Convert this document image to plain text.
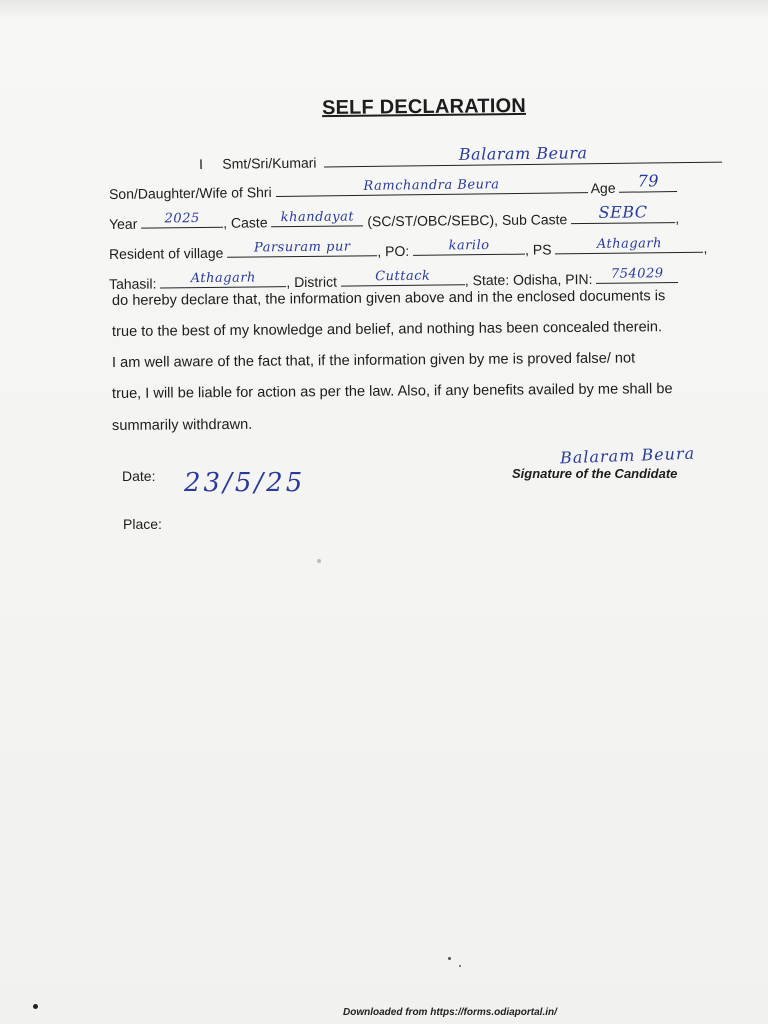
SELF DECLARATION
I Smt/Sri/Kumari	Balaram Beura
Son/Daughter/Wife of Shri	Ramchandra Beura	Age	79
Year	2025	, Caste	khandayat (SC/ST/OBC/SEBC), Sub Caste	SEBC	,
Resident of village	Parsuram pur	, PO:	karilo	, PS	Athagarh	,
Tahasil:	Athagarh	, District	Cuttack	, State: Odisha, PIN:	754029
do hereby declare that, the information given above and in the enclosed documents is
true to the best of my knowledge and belief, and nothing has been concealed therein.
I am well aware of the fact that, if the information given by me is proved false/ not
true, I will be liable for action as per the law. Also, if any benefits availed by me shall be
summarily withdrawn.
Date: 23/5/25
Balaram Beura
Signature of the Candidate
Place:
Downloaded from https://forms.odiaportal.in/
